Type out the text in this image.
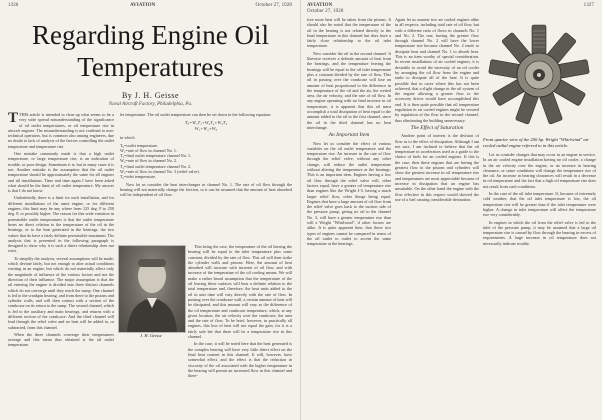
1326	AVIATION	October 27, 1928
Regarding Engine Oil
Temperatures
By J. H. Geisse
Naval Aircraft Factory, Philadelphia, Pa.

TTHIS article is intended to clear up what seems to be a very wide spread misunderstanding of the significance of oil outlet temperatures, or oil temperature rise in aircraft engines. The misunderstanding is not confined to non-technical operators, but is common also among engineers, due no doubt to lack of analysis of the factors controlling the outlet temperature and temperature rise.

One mistake commonly made is that a high outlet temperature, or large temperature rise, is an indication of trouble, or poor design. Sometimes it is; but in many cases it is not. Another mistake is the assumption that the oil outlet temperature should be approximately the same for all engines and all installations. Time and time again I have been asked what should be the limit of oil outlet temperature. My answer is that I do not know.

Undoubtedly, there is a limit for each installation, and for different installations of the same engine, or for different engines, this limit may be any where from 125 deg. F to 250 deg. F, or possibly higher. The reason for this wide variation in permissible outlet temperatures is that the outlet temperature bears no direct relation to the temperature of the oil in the bearings, or to the heat generated in the bearings, the two values that do have a fairly definite permissible maximum. The analysis that is presented in the following paragraph is designed to show why it is such a direct relationship does not exist.

To simplify the analysis, several assumptions will be made, which deviate fairly, but not enough to alter actual conditions existing in an engine, but which do not materially affect only the magnitude of influence of the various factors and not the direction of their influence. The major assumption is that the oil entering the engine is divided into three distinct channels which do not converge until they reach the sump. One channel is led to the crankpin bearing, and from there to the pistons and cylinder walls, and will then contact with a section of the crankcase on its return to the sump. The second channel, which is led to the auxiliary and main bearings, and returns with a different section of the crankcase. And the third channel will lead through the relief valve and no heat will be added to, or subtracted, from this channel.

When the three channels converge their temperatures average and this mean thus obtained is the oil outlet temperature.

let temperature. The oil outlet temperature can then be set down in the following equation:

T₀=W₁T₁+W₂T₂+W₃T₃
W₁+W₂+W₃

in which

T₀=outlet temperature.

W₁=rate of flow in channel No. 1.

T₁=final outlet temperature channel No. 1.

W₂=rate of flow in channel No. 2.

T₂=final outlet temperature channel No. 2.

W₃=rate of flow in channel No. 3 (relief valve).

T₃=inlet temperature.

Now let us consider the heat interchanges in channel No. 1. The rate of oil flow through the bearing will not materially change the friction, so it can be assumed that the amount of heat absorbed will be independent of oil flow.

This being the case, the temperature of the oil leaving the bearing will be equal to the inlet temperature plus some constant, divided by the rate of flow. This oil will then strike the cylinder walls and pistons. Here, the amount of heat absorbed will increase with increase of oil flow, and with increase of the temperature of the oil cooling means. We will make a rather broad assumption that the temperature of the oil leaving these surfaces will bear a definite relation to the total temperature and, therefore, the heat units added to the oil in unit time will vary directly with the rate of flow. In passing over the crankcase wall, a certain amount of heat will be dissipated, and this amount will vary as the difference of the oil temperature and crankcase temperature, which, at any given location, the air velocity over the crankcase, the area and the rate of flow. To be brief, however, in practically all engines, this loss of heat will not equal the gain, for it is a fairly safe bet that there will be a temperature rise in this channel.

In the case, it will be noted here that the heat generated is the complex bearing will have very little direct effect on the final heat content in this channel. It will, however, have somewhat effect, and the effect is that the reduction in viscosity of the oil associated with the higher temperature in the bearing will permit an increased flow in this channel and there-

J. H. Geisse
AVIATION
October 27, 1928
1327

fore more heat will be taken from the pistons. It should also be noted that the temperature of the oil in the bearing is not related directly to the final temperature in this channel but does have a fairly close relationship to the oil inlet temperature.

Now consider the oil in the second channel. It likewise receives a definite amount of heat from the bearings, and the temperature leaving the bearings will be equal to the oil inlet temperature plus a constant divided by the rate of flow. This oil in passing over the crankcase will lose an amount of heat proportional to the difference in the temperature of the oil and the air, the wetted area, the air velocity, and the rate of oil flow. In any engine operating with no final increase in oil temperature, it is apparent that this oil must accomplish a total dissipation of heat equal to the amount added to the oil in the first channel, since the oil in the third channel has no heat interchange.

An Important Item

Now let us consider the effect of various variables on the oil outlet temperature and the temperature rise. An increase in the rate of flow through the relief valve, without any other change, will reduce the outlet temperature without altering the temperature at the bearings. This is an important item. Engines having a low oil flow through the relief valve will, other factors equal, have a greater oil temperature rise than engines like the Wright J-5, having a much larger relief flow, other things being equal. Engines that have a large amount of oil flow from the relief valve goes back to the suction side of the pressure pump, giving no oil to the channel No. 3, will have a greater temperature rise than will a Wright "Whirlwind", if other factors are alike. It is quite apparent then, that these two types of engines cannot be compared in terms of the oil outlet to outlet to accent the same temperature at the bearings.

Again let us assume two air cooled engines alike in all respects, including total rate of oil flow, but with a different ratio of flows in channels No. 1 and No. 2. The one, having the greater flow through channel No. 2 will have the lower temperature rise because channel No. 2 tends to dissipate heat and channel No. 1 to absorb heat. This is an item worthy of special consideration. In recent installations of air cooled engines, it is desirable to avoid the necessity of an oil cooler by arranging the oil flow from the engine and tanks to dissipate all of the heat. It is quite possible that in cases where this has not been achieved, that a slight change in the oil system of the engine allowing a greater flow to the accessory drives would have accomplished this end. It is then quite possible that oil temperature regulation in air cooled engines might be secured by regulation of the flow in the second channel, thus eliminating the building unnecessary.

The Effect of Saturation

Another point of interest is the division of flow as to the effect of dissipation. Although I am not sure, I am inclined to believe that the oil temperature in accelerators used as a guide to the choice of fuels for air cooled engines. If this is the case, then those engines that are having the greatest flow to the pistons and cylinders will show the greatest increase in oil temperature rise and temperatures are most appreciable because of increase in dissipation that an engine has unsuitable. On the other hand the engine with the flow effective in this respect would showed the use of a fuel causing considerable detonation.

Front quarter view of the 200 hp. Wright "Whirlwind" air cooled radial engine referred to in this article.

Let us consider changes that may occur in an engine in service. In an air cooled engine installation having no oil cooler, a change in the air velocity over the engine, or an increase in bearing clearance, or some conditions will change the temperature rise of the oil. An increase in bearing clearances will result in a decrease in oil temperature and the fact that a high oil temperature rise does not result from such conditions.

In the case of the oil inlet temperature. If, because of extremely cold weather, that the oil inlet temperature is low, the oil temperature rise will be greater than if the inlet temperature were higher. A change in inlet temperature will affect the temperature rise very considerably.

In engines in which the oil from the relief valve is led to the inlet of the pressure pump, it may be assumed that a large oil temperature rise is caused by flow through the bearing in excess of requirements. A large increase in oil temperature does not necessarily indicate trouble.
